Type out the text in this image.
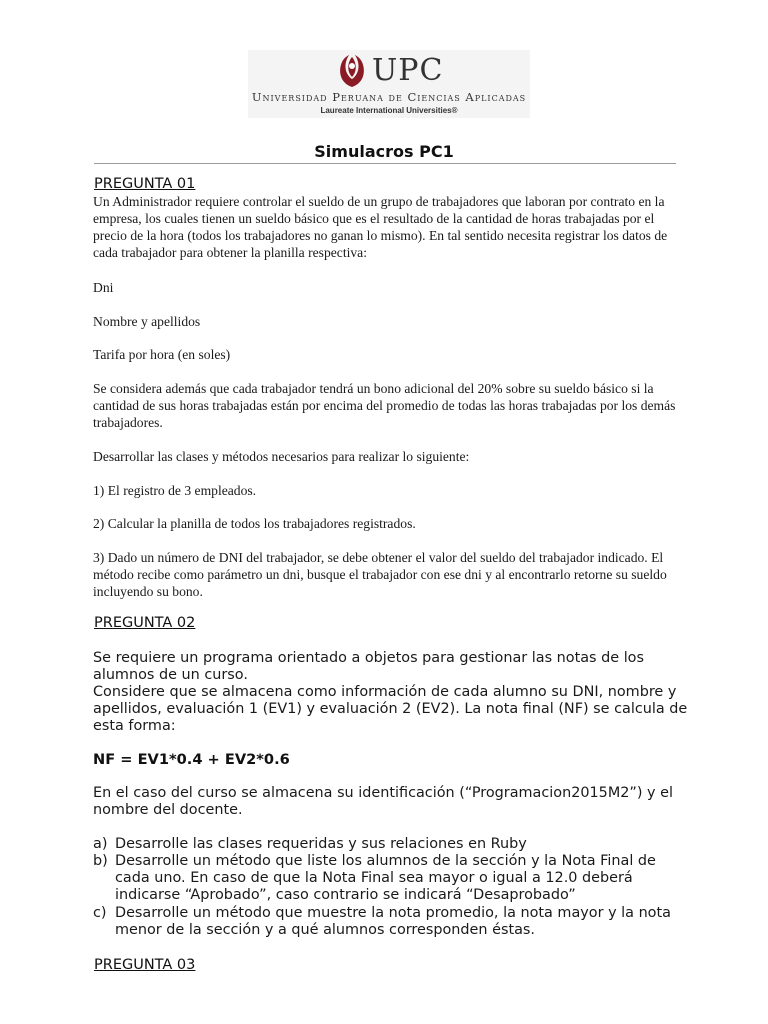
UPC
Universidad Peruana de Ciencias Aplicadas
Laureate International Universities®
Simulacros PC1
PREGUNTA 01
Un Administrador requiere controlar el sueldo de un grupo de trabajadores que laboran por contrato en la empresa, los cuales tienen un sueldo básico que es el resultado de la cantidad de horas trabajadas por el precio de la hora (todos los trabajadores no ganan lo mismo). En tal sentido necesita registrar los datos de cada trabajador para obtener la planilla respectiva:
Dni
Nombre y apellidos
Tarifa por hora (en soles)
Se considera además que cada trabajador tendrá un bono adicional del 20% sobre su sueldo básico si la cantidad de sus horas trabajadas están por encima del promedio de todas las horas trabajadas por los demás trabajadores.
Desarrollar las clases y métodos necesarios para realizar lo siguiente:
1) El registro de 3 empleados.
2) Calcular la planilla de todos los trabajadores registrados.
3) Dado un número de DNI del trabajador, se debe obtener el valor del sueldo del trabajador indicado. El método recibe como parámetro un dni, busque el trabajador con ese dni y al encontrarlo retorne su sueldo incluyendo su bono.
PREGUNTA 02
Se requiere un programa orientado a objetos para gestionar las notas de los alumnos de un curso.
Considere que se almacena como información de cada alumno su DNI, nombre y apellidos, evaluación 1 (EV1) y evaluación 2 (EV2). La nota final (NF) se calcula de esta forma:
NF = EV1*0.4 + EV2*0.6
En el caso del curso se almacena su identificación (“Programacion2015M2”) y el nombre del docente.
a) Desarrolle las clases requeridas y sus relaciones en Ruby
b) Desarrolle un método que liste los alumnos de la sección y la Nota Final de cada uno. En caso de que la Nota Final sea mayor o igual a 12.0 deberá indicarse “Aprobado”, caso contrario se indicará “Desaprobado”
c) Desarrolle un método que muestre la nota promedio, la nota mayor y la nota menor de la sección y a qué alumnos corresponden éstas.
PREGUNTA 03
